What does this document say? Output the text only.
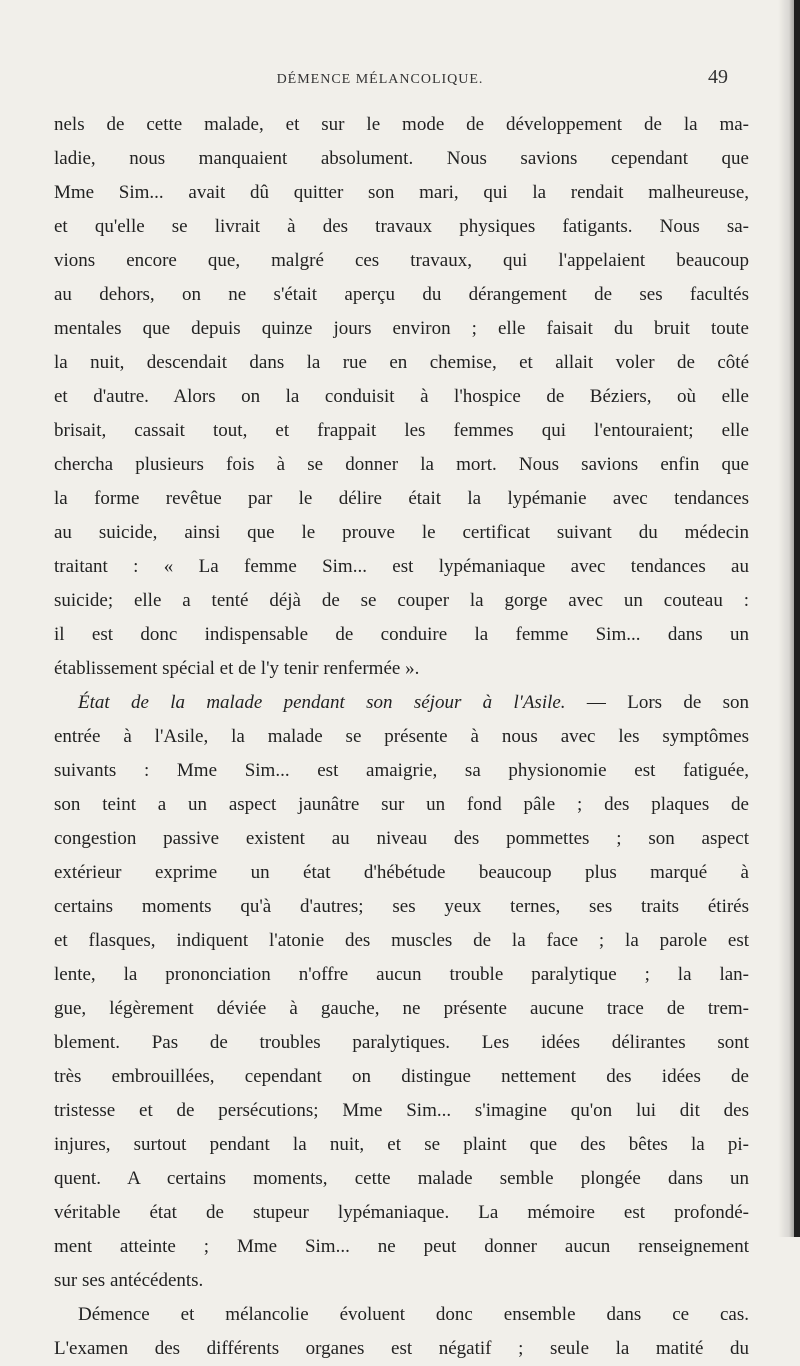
DÉMENCE MÉLANCOLIQUE.	49
nels de cette malade, et sur le mode de développement de la ma-
ladie, nous manquaient absolument. Nous savions cependant que
Mme Sim... avait dû quitter son mari, qui la rendait malheureuse,
et qu'elle se livrait à des travaux physiques fatigants. Nous sa-
vions encore que, malgré ces travaux, qui l'appelaient beaucoup
au dehors, on ne s'était aperçu du dérangement de ses facultés
mentales que depuis quinze jours environ ; elle faisait du bruit toute
la nuit, descendait dans la rue en chemise, et allait voler de côté
et d'autre. Alors on la conduisit à l'hospice de Béziers, où elle
brisait, cassait tout, et frappait les femmes qui l'entouraient; elle
chercha plusieurs fois à se donner la mort. Nous savions enfin que
la forme revêtue par le délire était la lypémanie avec tendances
au suicide, ainsi que le prouve le certificat suivant du médecin
traitant : « La femme Sim... est lypémaniaque avec tendances au
suicide; elle a tenté déjà de se couper la gorge avec un couteau :
il est donc indispensable de conduire la femme Sim... dans un
établissement spécial et de l'y tenir renfermée ».
État de la malade pendant son séjour à l'Asile. — Lors de son
entrée à l'Asile, la malade se présente à nous avec les symptômes
suivants : Mme Sim... est amaigrie, sa physionomie est fatiguée,
son teint a un aspect jaunâtre sur un fond pâle ; des plaques de
congestion passive existent au niveau des pommettes ; son aspect
extérieur exprime un état d'hébétude beaucoup plus marqué à
certains moments qu'à d'autres; ses yeux ternes, ses traits étirés
et flasques, indiquent l'atonie des muscles de la face ; la parole est
lente, la prononciation n'offre aucun trouble paralytique ; la lan-
gue, légèrement déviée à gauche, ne présente aucune trace de trem-
blement. Pas de troubles paralytiques. Les idées délirantes sont
très embrouillées, cependant on distingue nettement des idées de
tristesse et de persécutions; Mme Sim... s'imagine qu'on lui dit des
injures, surtout pendant la nuit, et se plaint que des bêtes la pi-
quent. A certains moments, cette malade semble plongée dans un
véritable état de stupeur lypémaniaque. La mémoire est profondé-
ment atteinte ; Mme Sim... ne peut donner aucun renseignement
sur ses antécédents.
Démence et mélancolie évoluent donc ensemble dans ce cas.
L'examen des différents organes est négatif ; seule la matité du
